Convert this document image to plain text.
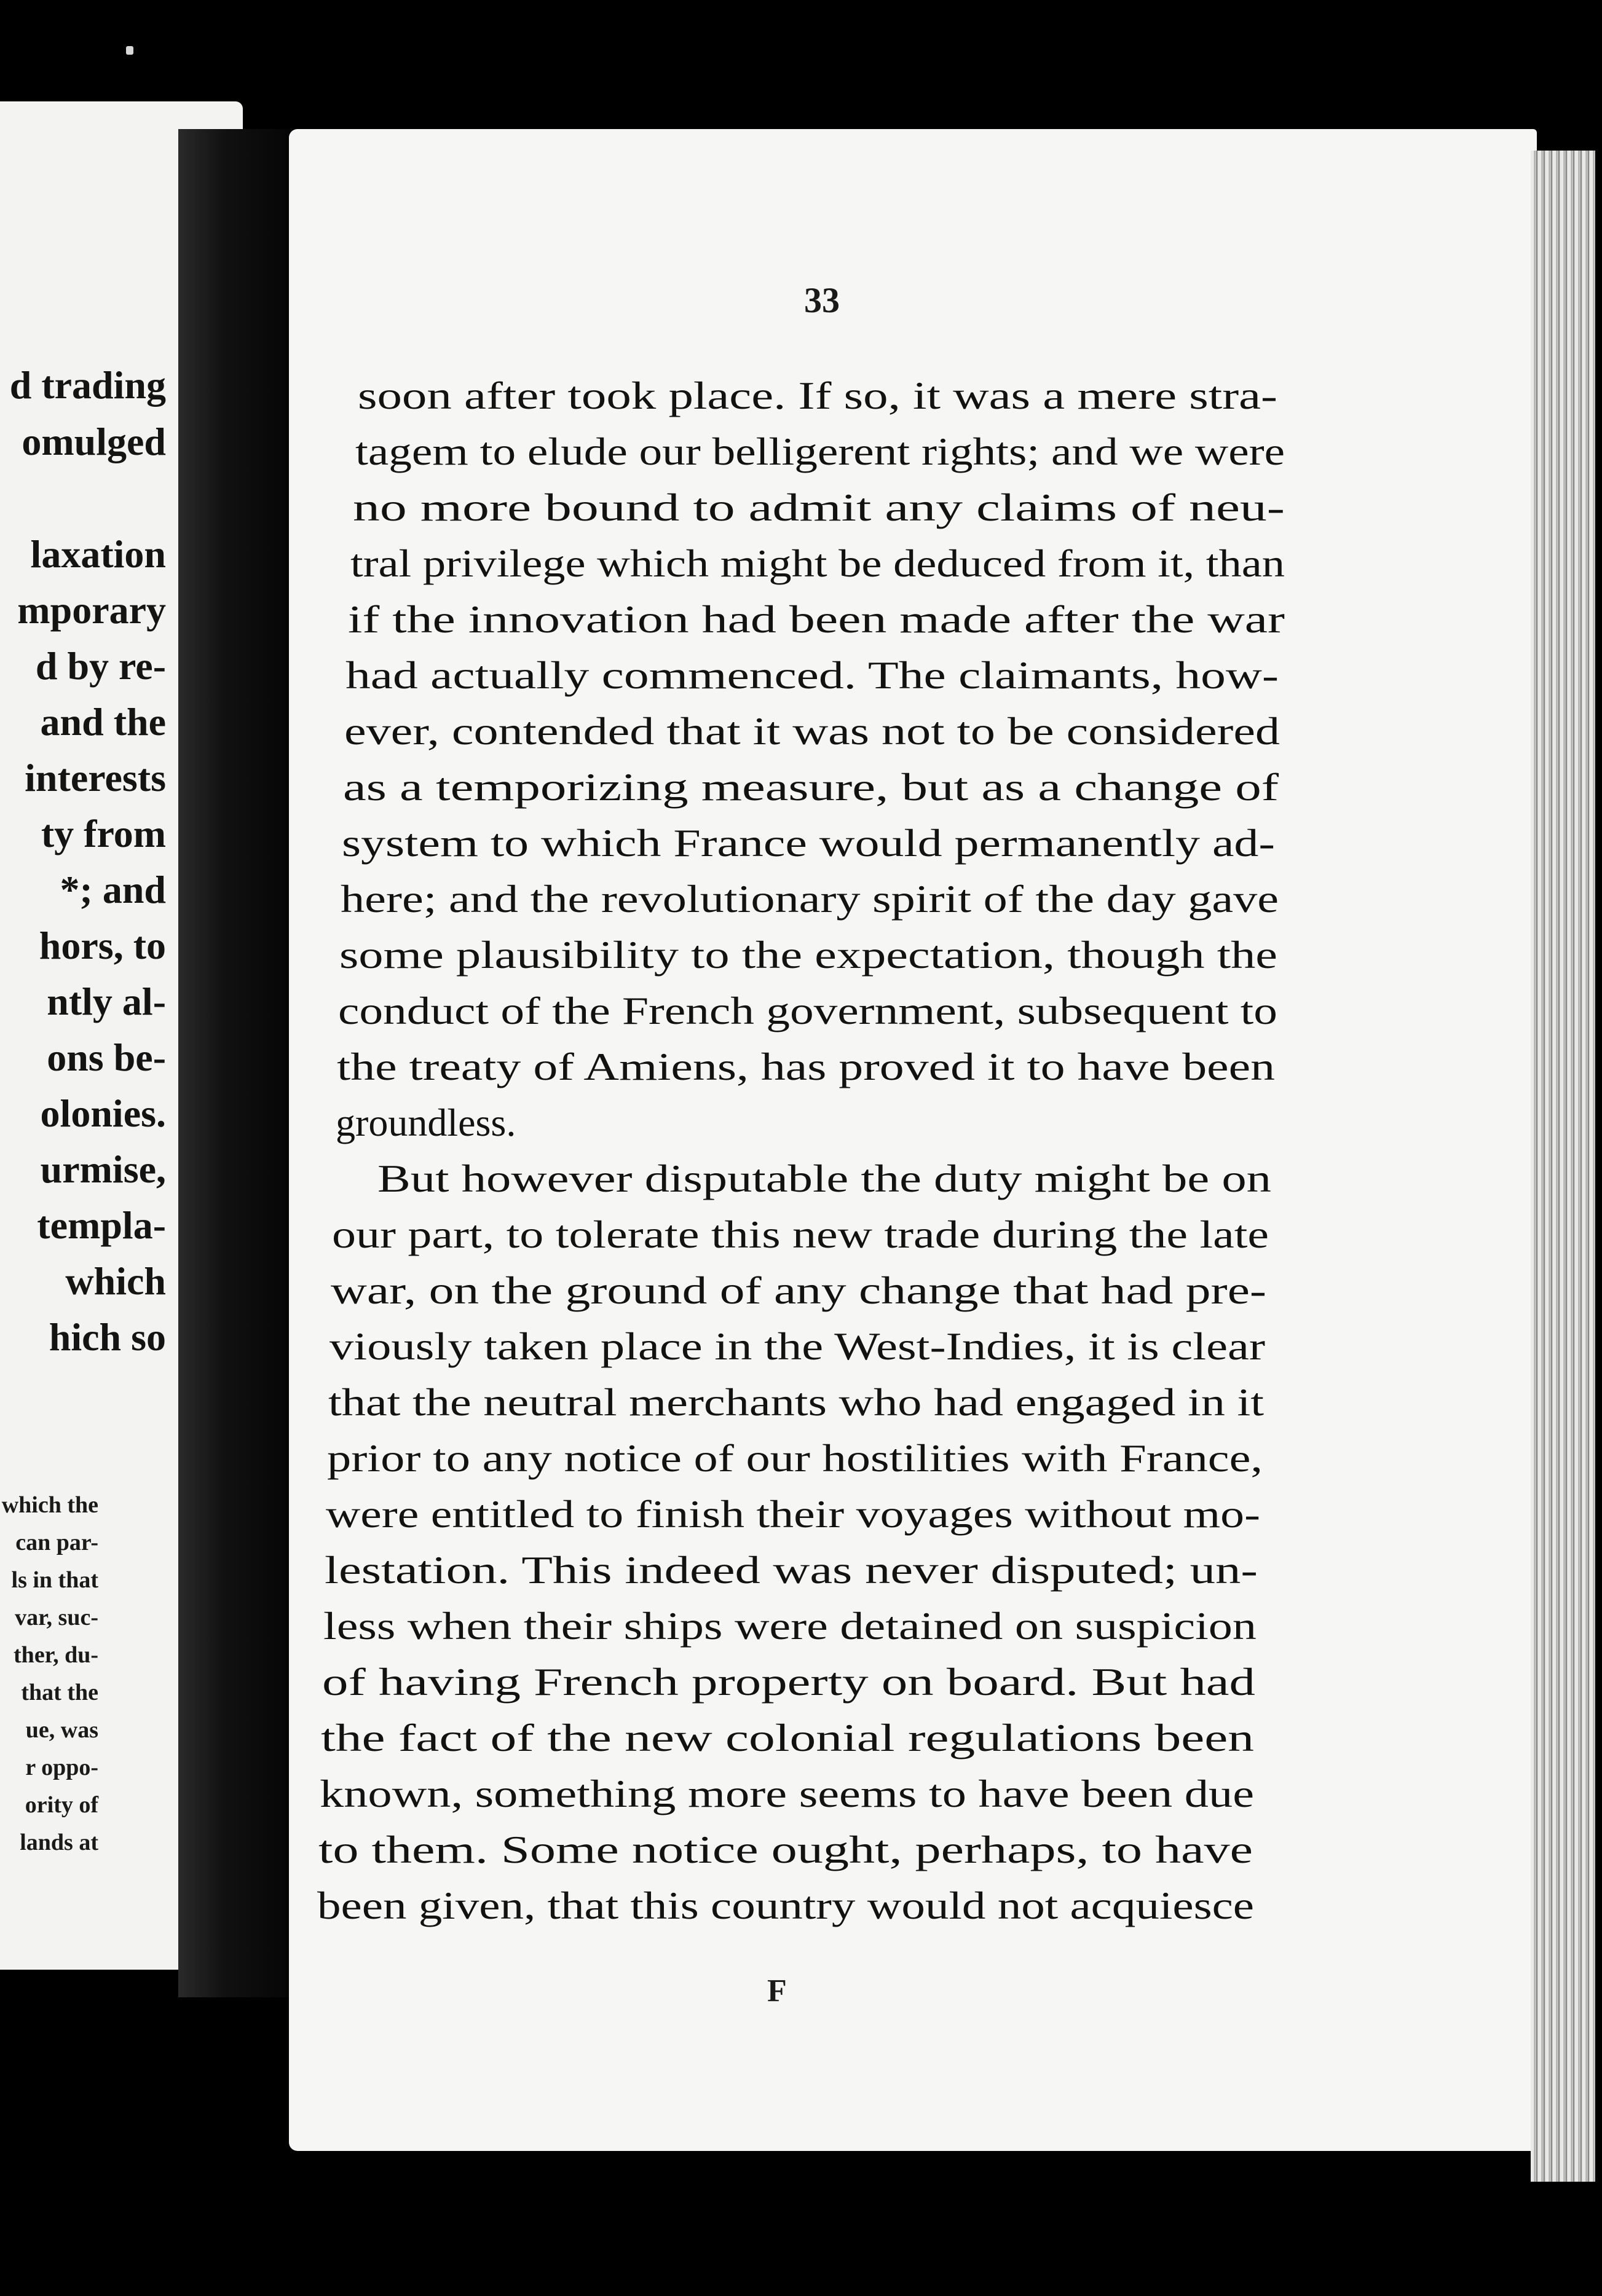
d trading
omulged
laxation
mporary
d by re-
and the
interests
ty from
*; and
hors, to
ntly al-
ons be-
olonies.
urmise,
templa-
which
hich so
which the
can par-
ls in that
var, suc-
ther, du-
that the
ue, was
r oppo-
ority of
lands at
33
soon after took place. If so, it was a mere stra-
tagem to elude our belligerent rights; and we were
no more bound to admit any claims of neu-
tral privilege which might be deduced from it, than
if the innovation had been made after the war
had actually commenced. The claimants, how-
ever, contended that it was not to be considered
as a temporizing measure, but as a change of
system to which France would permanently ad-
here; and the revolutionary spirit of the day gave
some plausibility to the expectation, though the
conduct of the French government, subsequent to
the treaty of Amiens, has proved it to have been
groundless.
But however disputable the duty might be on
our part, to tolerate this new trade during the late
war, on the ground of any change that had pre-
viously taken place in the West-Indies, it is clear
that the neutral merchants who had engaged in it
prior to any notice of our hostilities with France,
were entitled to finish their voyages without mo-
lestation. This indeed was never disputed; un-
less when their ships were detained on suspicion
of having French property on board. But had
the fact of the new colonial regulations been
known, something more seems to have been due
to them. Some notice ought, perhaps, to have
been given, that this country would not acquiesce
F
